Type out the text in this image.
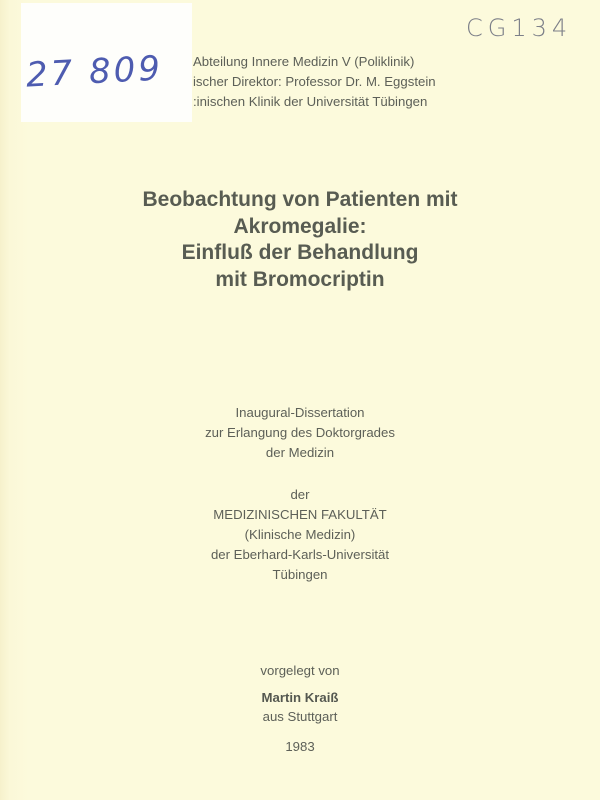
27 809
CG134
Abteilung Innere Medizin V (Poliklinik)
ischer Direktor: Professor Dr. M. Eggstein
:inischen Klinik der Universität Tübingen
Beobachtung von Patienten mit
Akromegalie:
Einfluß der Behandlung
mit Bromocriptin
Inaugural-Dissertation
zur Erlangung des Doktorgrades
der Medizin
der
MEDIZINISCHEN FAKULTÄT
(Klinische Medizin)
der Eberhard-Karls-Universität
Tübingen
vorgelegt von
Martin Kraiß
aus Stuttgart
1983
